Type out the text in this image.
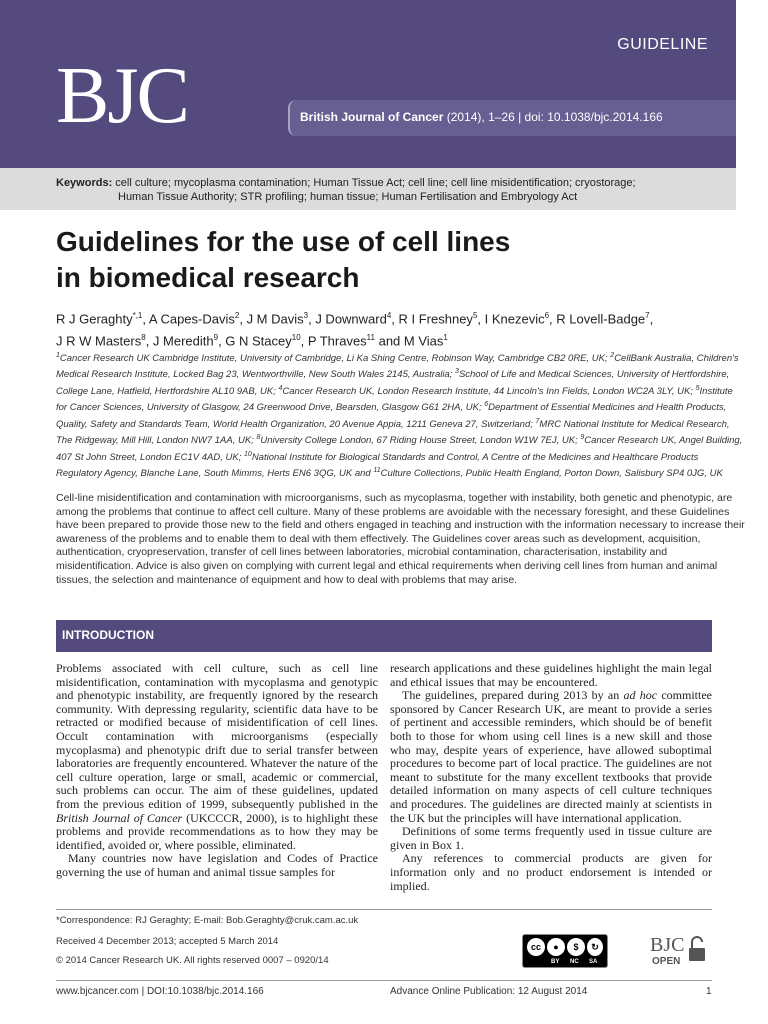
BJC
GUIDELINE
British Journal of Cancer (2014), 1–26 | doi: 10.1038/bjc.2014.166
Keywords: cell culture; mycoplasma contamination; Human Tissue Act; cell line; cell line misidentification; cryostorage;
Human Tissue Authority; STR profiling; human tissue; Human Fertilisation and Embryology Act
Guidelines for the use of cell lines
in biomedical research
R J Geraghty$^{*,1}$, A Capes-Davis$^2$, J M Davis$^3$, J Downward$^4$, R I Freshney$^5$, I Knezevic$^6$, R Lovell-Badge$^7$,
J R W Masters$^8$, J Meredith$^9$, G N Stacey$^{10}$, P Thraves$^{11}$ and M Vias$^1$
$^1$Cancer Research UK Cambridge Institute, University of Cambridge, Li Ka Shing Centre, Robinson Way, Cambridge CB2 0RE, UK; $^2$CellBank Australia, Children's Medical Research Institute, Locked Bag 23, Wentworthville, New South Wales 2145, Australia; $^3$School of Life and Medical Sciences, University of Hertfordshire, College Lane, Hatfield, Hertfordshire AL10 9AB, UK; $^4$Cancer Research UK, London Research Institute, 44 Lincoln's Inn Fields, London WC2A 3LY, UK; $^5$Institute for Cancer Sciences, University of Glasgow, 24 Greenwood Drive, Bearsden, Glasgow G61 2HA, UK; $^6$Department of Essential Medicines and Health Products, Quality, Safety and Standards Team, World Health Organization, 20 Avenue Appia, 1211 Geneva 27, Switzerland; $^7$MRC National Institute for Medical Research, The Ridgeway, Mill Hill, London NW7 1AA, UK; $^8$University College London, 67 Riding House Street, London W1W 7EJ, UK; $^9$Cancer Research UK, Angel Building, 407 St John Street, London EC1V 4AD, UK; $^{10}$National Institute for Biological Standards and Control, A Centre of the Medicines and Healthcare Products Regulatory Agency, Blanche Lane, South Mimms, Herts EN6 3QG, UK and $^{11}$Culture Collections, Public Health England, Porton Down, Salisbury SP4 0JG, UK
Cell-line misidentification and contamination with microorganisms, such as mycoplasma, together with instability, both genetic and phenotypic, are among the problems that continue to affect cell culture. Many of these problems are avoidable with the necessary foresight, and these Guidelines have been prepared to provide those new to the field and others engaged in teaching and instruction with the information necessary to increase their awareness of the problems and to enable them to deal with them effectively. The Guidelines cover areas such as development, acquisition, authentication, cryopreservation, transfer of cell lines between laboratories, microbial contamination, characterisation, instability and misidentification. Advice is also given on complying with current legal and ethical requirements when deriving cell lines from human and animal tissues, the selection and maintenance of equipment and how to deal with problems that may arise.
INTRODUCTION

Problems associated with cell culture, such as cell line misidentification, contamination with mycoplasma and genotypic and phenotypic instability, are frequently ignored by the research community. With depressing regularity, scientific data have to be retracted or modified because of misidentification of cell lines. Occult contamination with microorganisms (especially mycoplasma) and phenotypic drift due to serial transfer between laboratories are frequently encountered. Whatever the nature of the cell culture operation, large or small, academic or commercial, such problems can occur. The aim of these guidelines, updated from the previous edition of 1999, subsequently published in the British Journal of Cancer (UKCCCR, 2000), is to highlight these problems and provide recommendations as to how they may be identified, avoided or, where possible, eliminated.

Many countries now have legislation and Codes of Practice governing the use of human and animal tissue samples for

research applications and these guidelines highlight the main legal and ethical issues that may be encountered.

The guidelines, prepared during 2013 by an ad hoc committee sponsored by Cancer Research UK, are meant to provide a series of pertinent and accessible reminders, which should be of benefit both to those for whom using cell lines is a new skill and those who may, despite years of experience, have allowed suboptimal procedures to become part of local practice. The guidelines are not meant to substitute for the many excellent textbooks that provide detailed information on many aspects of cell culture techniques and procedures. The guidelines are directed mainly at scientists in the UK but the principles will have international application.

Definitions of some terms frequently used in tissue culture are given in Box 1.

Any references to commercial products are given for information only and no product endorsement is intended or implied.

*Correspondence: RJ Geraghty; E-mail: Bob.Geraghty@cruk.cam.ac.uk
Received 4 December 2013; accepted 5 March 2014
© 2014 Cancer Research UK. All rights reserved 0007 – 0920/14
cc	●	$	↻
BY NC SA
BJC
OPEN
www.bjcancer.com | DOI:10.1038/bjc.2014.166	Advance Online Publication: 12 August 2014	1
